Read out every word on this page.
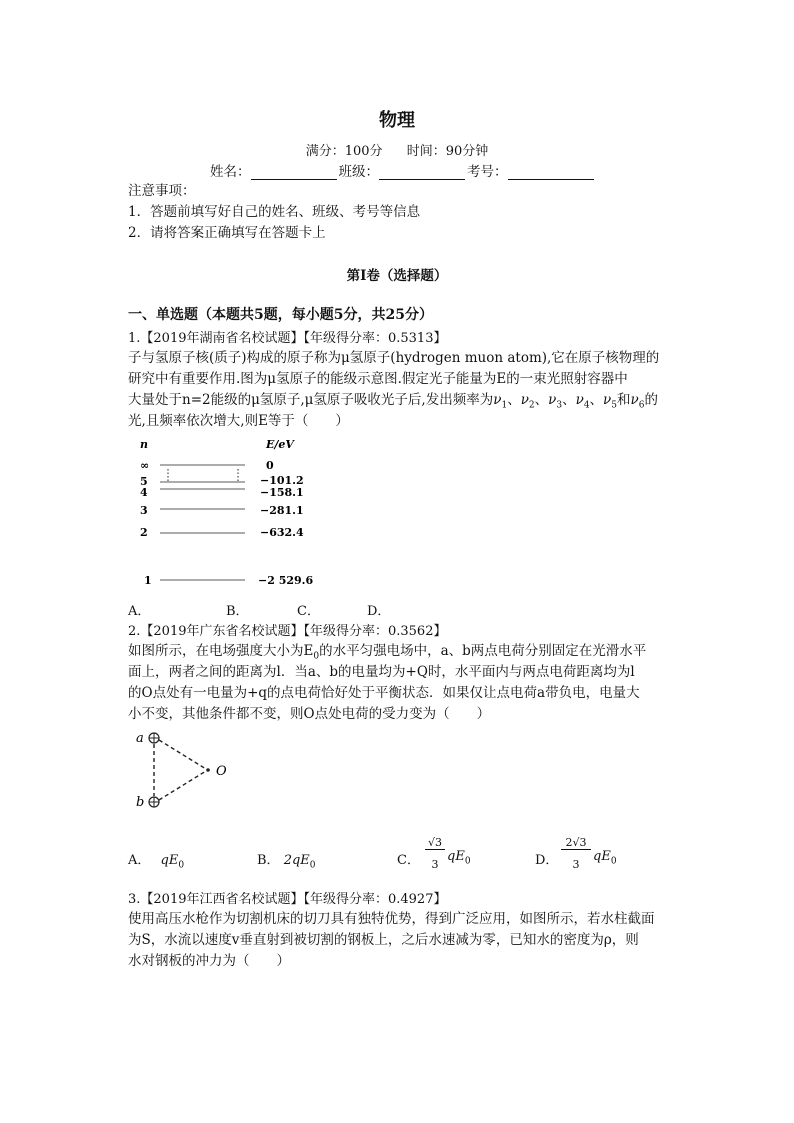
物理
满分：100分 时间：90分钟
姓名：	班级：	考号：
注意事项：
1．答题前填写好自己的姓名、班级、考号等信息
2．请将答案正确填写在答题卡上
第I卷（选择题）
一、单选题（本题共5题，每小题5分，共25分）
1.【2019年湖南省名校试题】【年级得分率：0.5313】
子与氢原子核(质子)构成的原子称为μ氢原子(hydrogen muon atom),它在原子核物理的
研究中有重要作用.图为μ氢原子的能级示意图.假定光子能量为E的一束光照射容器中
大量处于n=2能级的μ氢原子,μ氢原子吸收光子后,发出频率为$\nu_1$、$\nu_2$、$\nu_3$、$\nu_4$、$\nu_5$和$\nu_6$的
光,且频率依次增大,则E等于（　　）
n	E/eV
∞	0
5	−101.2
4	−158.1
3	−281.1
2	−632.4
1	−2 529.6
A．	B．	C．	D．
2.【2019年广东省名校试题】【年级得分率：0.3562】
如图所示，在电场强度大小为$E_0$的水平匀强电场中，a、b两点电荷分别固定在光滑水平
面上，两者之间的距离为l．当a、b的电量均为+Q时，水平面内与两点电荷距离均为l
的O点处有一电量为+q的点电荷恰好处于平衡状态．如果仅让点电荷a带负电，电量大
小不变，其他条件都不变，则O点处电荷的受力变为（　　）
a
b
O
A． $qE_0$	B． $2qE_0$	C．
√3
3
$qE_0$	D．
2√3
3
$qE_0$
3.【2019年江西省名校试题】【年级得分率：0.4927】
使用高压水枪作为切割机床的切刀具有独特优势，得到广泛应用，如图所示，若水柱截面
为S，水流以速度v垂直射到被切割的钢板上，之后水速减为零，已知水的密度为ρ，则
水对钢板的冲力为（　　）
